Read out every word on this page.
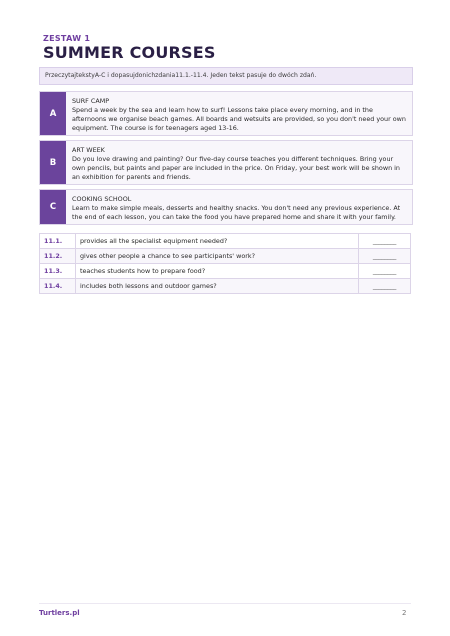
ZESTAW 1
SUMMER COURSES
PrzeczytajtekstyA-C i dopasujdonichzdania11.1.-11.4. Jeden tekst pasuje do dwóch zdań.
A
SURF CAMP
Spend a week by the sea and learn how to surf! Lessons take place every morning, and in the afternoons we organise beach games. All boards and wetsuits are provided, so you don't need your own equipment. The course is for teenagers aged 13-16.
B
ART WEEK
Do you love drawing and painting? Our five-day course teaches you different techniques. Bring your own pencils, but paints and paper are included in the price. On Friday, your best work will be shown in an exhibition for parents and friends.
C
COOKING SCHOOL
Learn to make simple meals, desserts and healthy snacks. You don't need any previous experience. At the end of each lesson, you can take the food you have prepared home and share it with your family.
11.1.	provides all the specialist equipment needed?	________
11.2.	gives other people a chance to see participants' work?	________
11.3.	teaches students how to prepare food?	________
11.4.	includes both lessons and outdoor games?	________
Turtlers.pl	2
